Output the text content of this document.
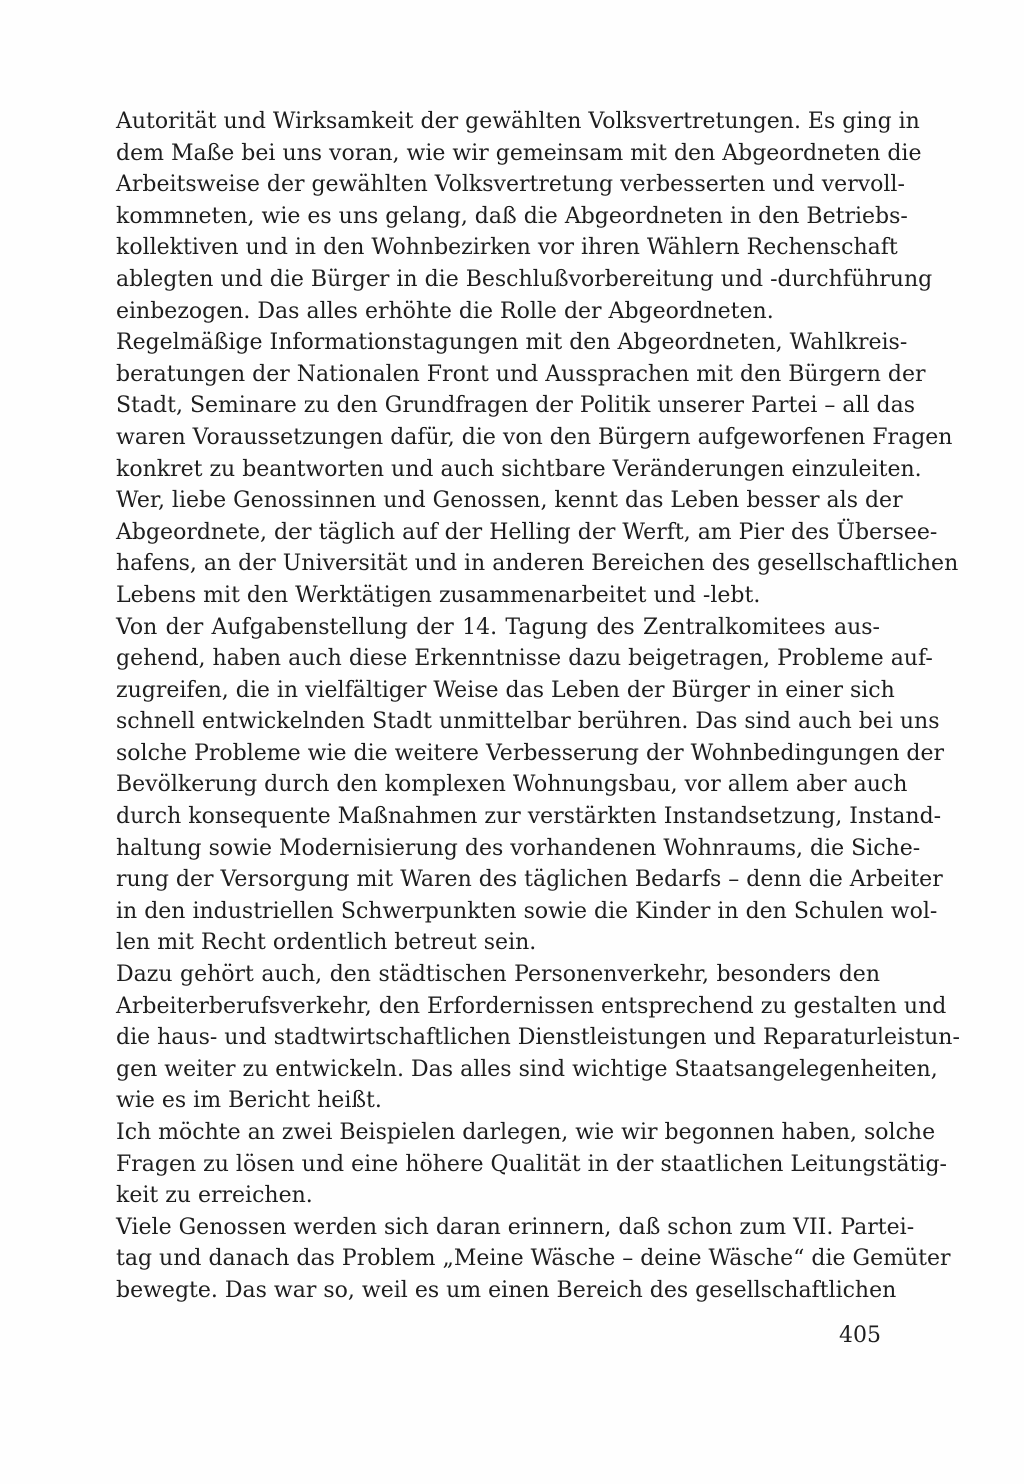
Autorität und Wirksamkeit der gewählten Volksvertretungen. Es ging in
dem Maße bei uns voran, wie wir gemeinsam mit den Abgeordneten die
Arbeitsweise der gewählten Volksvertretung verbesserten und vervoll-
kommneten, wie es uns gelang, daß die Abgeordneten in den Betriebs-
kollektiven und in den Wohnbezirken vor ihren Wählern Rechenschaft
ablegten und die Bürger in die Beschlußvorbereitung und -durchführung
einbezogen. Das alles erhöhte die Rolle der Abgeordneten.

Regelmäßige Informationstagungen mit den Abgeordneten, Wahlkreis-
beratungen der Nationalen Front und Aussprachen mit den Bürgern der
Stadt, Seminare zu den Grundfragen der Politik unserer Partei – all das
waren Voraussetzungen dafür, die von den Bürgern aufgeworfenen Fragen
konkret zu beantworten und auch sichtbare Veränderungen einzuleiten.
Wer, liebe Genossinnen und Genossen, kennt das Leben besser als der
Abgeordnete, der täglich auf der Helling der Werft, am Pier des Übersee-
hafens, an der Universität und in anderen Bereichen des gesellschaftlichen
Lebens mit den Werktätigen zusammenarbeitet und -lebt.

Von der Aufgabenstellung der 14. Tagung des Zentralkomitees aus-
gehend, haben auch diese Erkenntnisse dazu beigetragen, Probleme auf-
zugreifen, die in vielfältiger Weise das Leben der Bürger in einer sich
schnell entwickelnden Stadt unmittelbar berühren. Das sind auch bei uns
solche Probleme wie die weitere Verbesserung der Wohnbedingungen der
Bevölkerung durch den komplexen Wohnungsbau, vor allem aber auch
durch konsequente Maßnahmen zur verstärkten Instandsetzung, Instand-
haltung sowie Modernisierung des vorhandenen Wohnraums, die Siche-
rung der Versorgung mit Waren des täglichen Bedarfs – denn die Arbeiter
in den industriellen Schwerpunkten sowie die Kinder in den Schulen wol-
len mit Recht ordentlich betreut sein.

Dazu gehört auch, den städtischen Personenverkehr, besonders den
Arbeiterberufsverkehr, den Erfordernissen entsprechend zu gestalten und
die haus- und stadtwirtschaftlichen Dienstleistungen und Reparaturleistun-
gen weiter zu entwickeln. Das alles sind wichtige Staatsangelegenheiten,
wie es im Bericht heißt.

Ich möchte an zwei Beispielen darlegen, wie wir begonnen haben, solche
Fragen zu lösen und eine höhere Qualität in der staatlichen Leitungstätig-
keit zu erreichen.

Viele Genossen werden sich daran erinnern, daß schon zum VII. Partei-
tag und danach das Problem „Meine Wäsche – deine Wäsche“ die Gemüter
bewegte. Das war so, weil es um einen Bereich des gesellschaftlichen

405
